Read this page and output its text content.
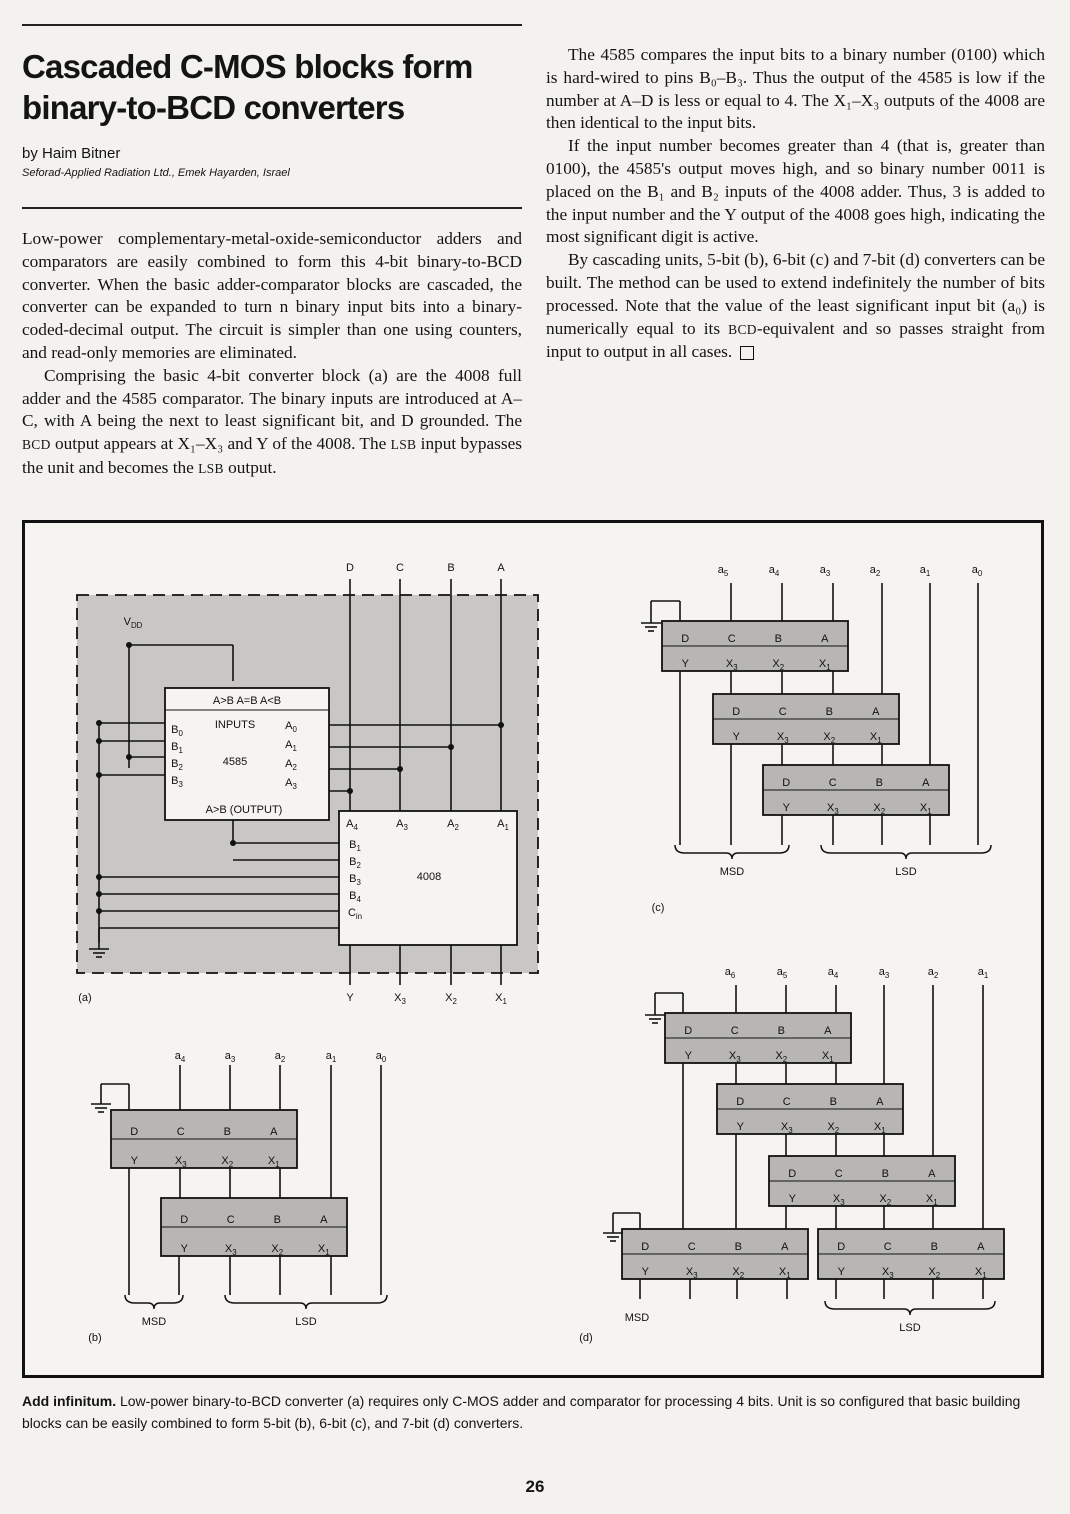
Cascaded C-MOS blocks form binary-to-BCD converters
by Haim Bitner
Seforad-Applied Radiation Ltd., Emek Hayarden, Israel

Low-power complementary-metal-oxide-semiconductor adders and comparators are easily combined to form this 4-bit binary-to-BCD converter. When the basic adder-comparator blocks are cascaded, the converter can be expanded to turn n binary input bits into a binary-coded-decimal output. The circuit is simpler than one using counters, and read-only memories are eliminated.

Comprising the basic 4-bit converter block (a) are the 4008 full adder and the 4585 comparator. The binary inputs are introduced at A–C, with A being the next to least significant bit, and D grounded. The BCD output appears at X₁–X₃ and Y of the 4008. The LSB input bypasses the unit and becomes the LSB output.

The 4585 compares the input bits to a binary number (0100) which is hard-wired to pins B₀–B₃. Thus the output of the 4585 is low if the number at A–D is less or equal to 4. The X₁–X₃ outputs of the 4008 are then identical to the input bits.

If the input number becomes greater than 4 (that is, greater than 0100), the 4585's output moves high, and so binary number 0011 is placed on the B₁ and B₂ inputs of the 4008 adder. Thus, 3 is added to the input number and the Y output of the 4008 goes high, indicating the most significant digit is active.

By cascading units, 5-bit (b), 6-bit (c) and 7-bit (d) converters can be built. The method can be used to extend indefinitely the number of bits processed. Note that the value of the least significant input bit (a₀) is numerically equal to its BCD-equivalent and so passes straight from input to output in all cases.

D	C	B	A
$V_{DD}$
A>B A=B A<B
INPUTS
4585
$B_0$
$B_1$
$B_2$
$B_3$
$A_0$
$A_1$
$A_2$
$A_3$
A>B (OUTPUT)
$A_4$	$A_3$	$A_2$	$A_1$
$B_1$
$B_2$
$B_3$
$B_4$
$C_{in}$
4008
Y	$X_3$	$X_2$	$X_1$
(a)
$a_4$	$a_3$	$a_2$	$a_1$	$a_0$
D
Y
C
$X_3$
B
$X_2$
A
$X_1$
D
Y
C
$X_3$
B
$X_2$
A
$X_1$
MSD	LSD
(b)
$a_5$	$a_4$	$a_3$	$a_2$	$a_1$	$a_0$
D
Y
C
$X_3$
B
$X_2$
A
$X_1$
D
Y
C
$X_3$
B
$X_2$
A
$X_1$
D
Y
C
$X_3$
B
$X_2$
A
$X_1$
MSD	LSD
(c)
$a_6$	$a_5$	$a_4$	$a_3$	$a_2$	$a_1$
D
Y
C
$X_3$
B
$X_2$
A
$X_1$
D
Y
C
$X_3$
B
$X_2$
A
$X_1$
D
Y
C
$X_3$
B
$X_2$
A
$X_1$
D
Y
C
$X_3$
B
$X_2$
A
$X_1$
D
Y
C
$X_3$
B
$X_2$
A
$X_1$
MSD
LSD
(d)
Add infinitum. Low-power binary-to-BCD converter (a) requires only C-MOS adder and comparator for processing 4 bits. Unit is so configured that basic building blocks can be easily combined to form 5-bit (b), 6-bit (c), and 7-bit (d) converters.
26
